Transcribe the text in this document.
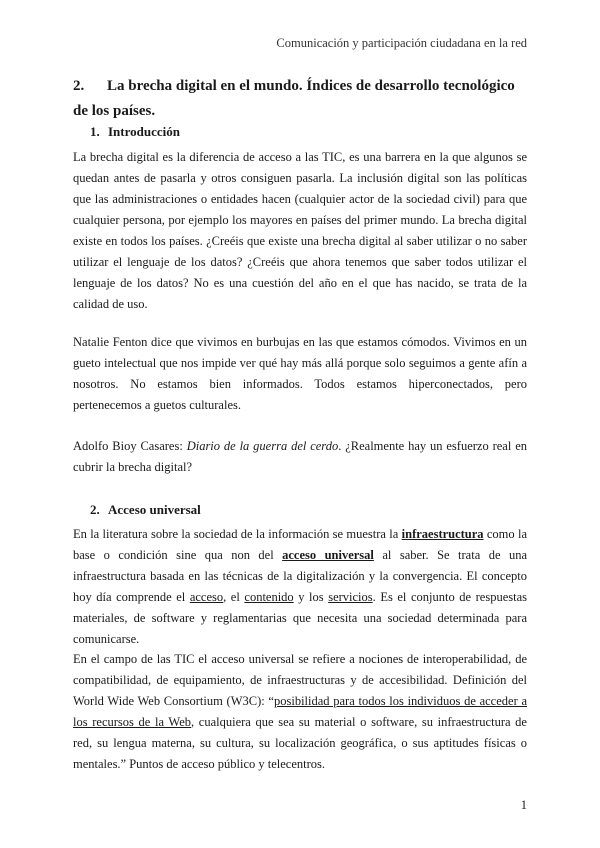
Comunicación y participación ciudadana en la red
2. La brecha digital en el mundo. Índices de desarrollo tecnológico de los países.
1. Introducción

La brecha digital es la diferencia de acceso a las TIC, es una barrera en la que algunos se quedan antes de pasarla y otros consiguen pasarla. La inclusión digital son las políticas que las administraciones o entidades hacen (cualquier actor de la sociedad civil) para que cualquier persona, por ejemplo los mayores en países del primer mundo. La brecha digital existe en todos los países. ¿Creéis que existe una brecha digital al saber utilizar o no saber utilizar el lenguaje de los datos? ¿Creéis que ahora tenemos que saber todos utilizar el lenguaje de los datos? No es una cuestión del año en el que has nacido, se trata de la calidad de uso.

Natalie Fenton dice que vivimos en burbujas en las que estamos cómodos. Vivimos en un gueto intelectual que nos impide ver qué hay más allá porque solo seguimos a gente afín a nosotros. No estamos bien informados. Todos estamos hiperconectados, pero pertenecemos a guetos culturales.

Adolfo Bioy Casares: Diario de la guerra del cerdo. ¿Realmente hay un esfuerzo real en cubrir la brecha digital?

2. Acceso universal

En la literatura sobre la sociedad de la información se muestra la infraestructura como la base o condición sine qua non del acceso universal al saber. Se trata de una infraestructura basada en las técnicas de la digitalización y la convergencia. El concepto hoy día comprende el acceso, el contenido y los servicios. Es el conjunto de respuestas materiales, de software y reglamentarias que necesita una sociedad determinada para comunicarse.

En el campo de las TIC el acceso universal se refiere a nociones de interoperabilidad, de compatibilidad, de equipamiento, de infraestructuras y de accesibilidad. Definición del World Wide Web Consortium (W3C): “posibilidad para todos los individuos de acceder a los recursos de la Web, cualquiera que sea su material o software, su infraestructura de red, su lengua materna, su cultura, su localización geográfica, o sus aptitudes físicas o mentales.” Puntos de acceso público y telecentros.

1
